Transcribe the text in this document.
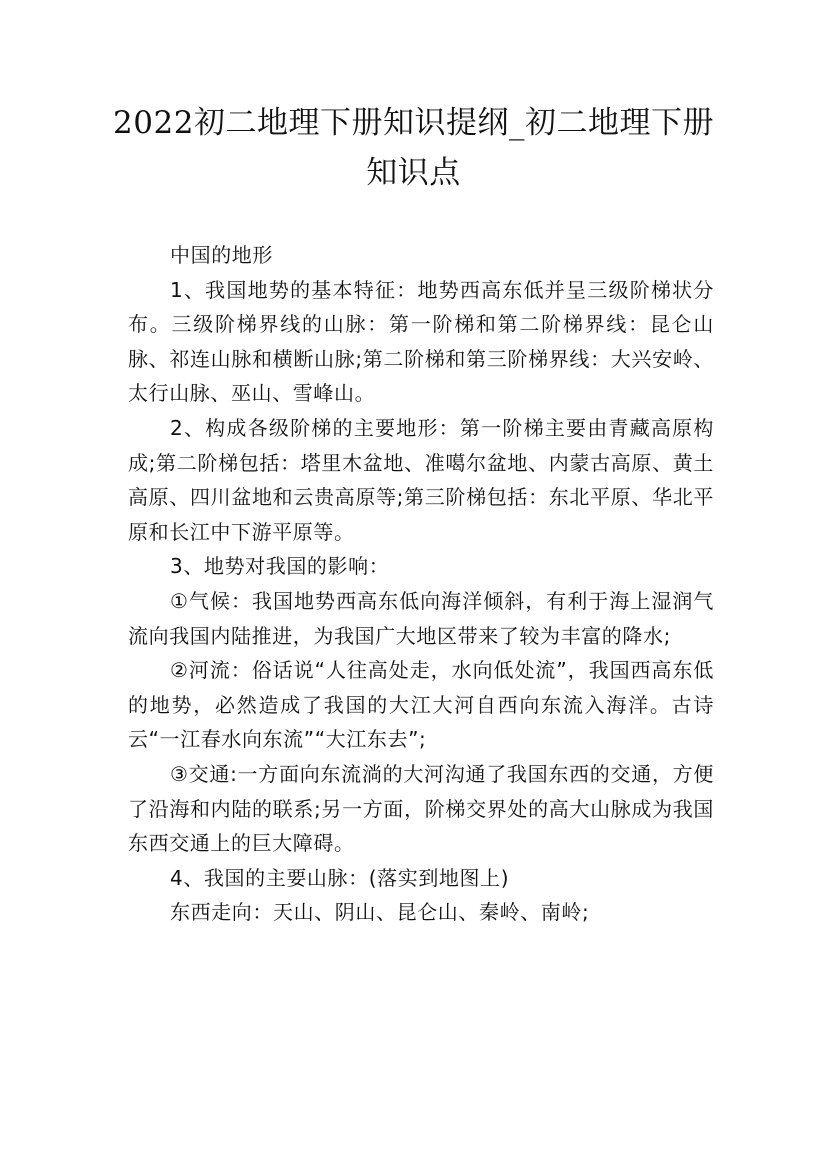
2022初二地理下册知识提纲_初二地理下册知识点

中国的地形

1、我国地势的基本特征：地势西高东低并呈三级阶梯状分布。三级阶梯界线的山脉：第一阶梯和第二阶梯界线：昆仑山脉、祁连山脉和横断山脉;第二阶梯和第三阶梯界线：大兴安岭、太行山脉、巫山、雪峰山。

2、构成各级阶梯的主要地形：第一阶梯主要由青藏高原构成;第二阶梯包括：塔里木盆地、准噶尔盆地、内蒙古高原、黄土高原、四川盆地和云贵高原等;第三阶梯包括：东北平原、华北平原和长江中下游平原等。

3、地势对我国的影响：

①气候：我国地势西高东低向海洋倾斜，有利于海上湿润气流向我国内陆推进，为我国广大地区带来了较为丰富的降水;

②河流：俗话说“人往高处走，水向低处流”，我国西高东低的地势，必然造成了我国的大江大河自西向东流入海洋。古诗云“一江春水向东流”“大江东去”;

③交通:一方面向东流淌的大河沟通了我国东西的交通，方便了沿海和内陆的联系;另一方面，阶梯交界处的高大山脉成为我国东西交通上的巨大障碍。

4、我国的主要山脉：(落实到地图上)

东西走向：天山、阴山、昆仑山、秦岭、南岭;
